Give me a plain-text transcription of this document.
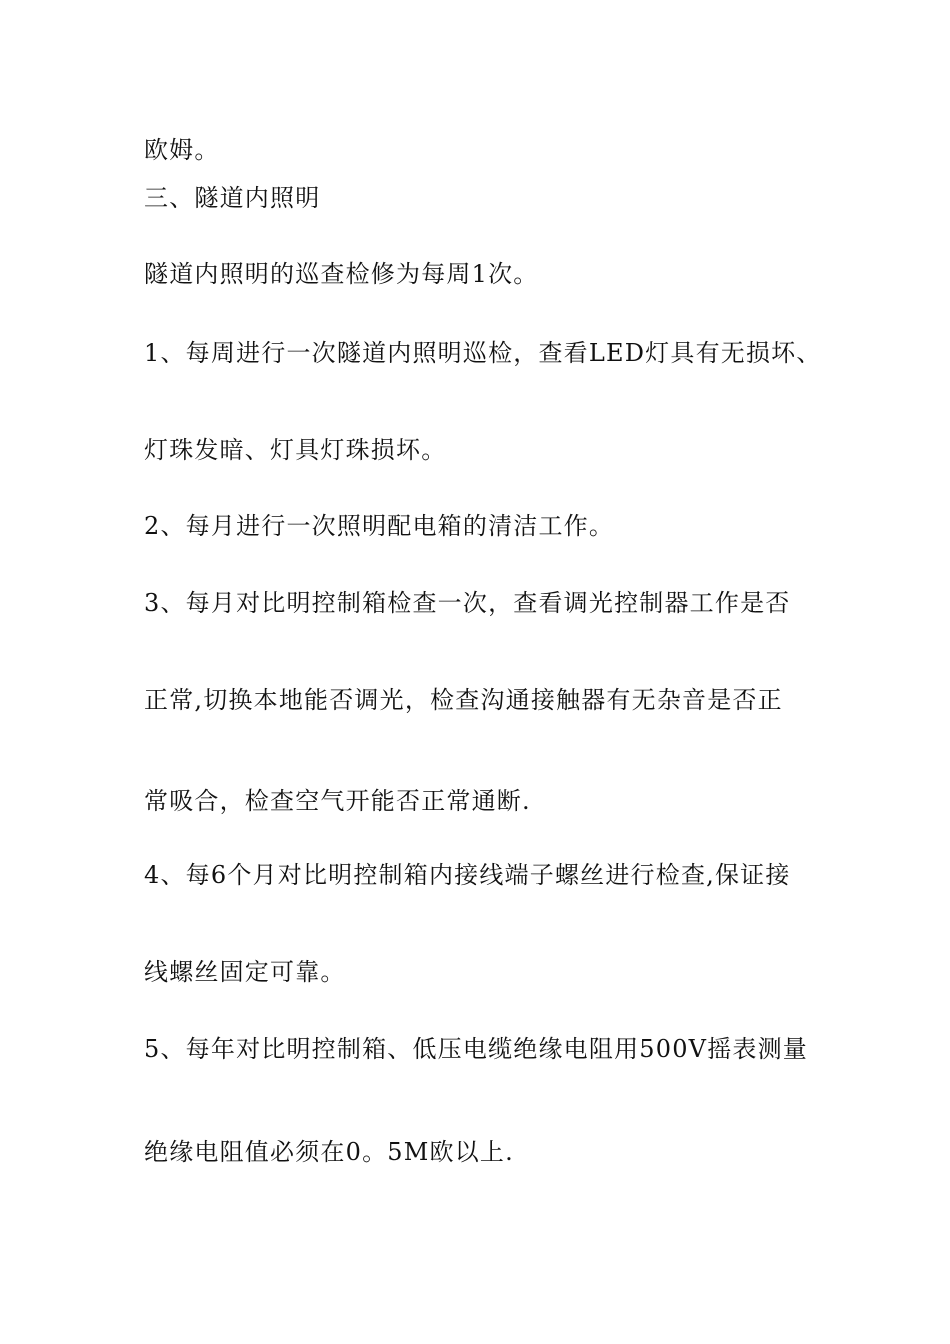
欧姆。
三、隧道内照明
隧道内照明的巡查检修为每周1次。
1、每周进行一次隧道内照明巡检，查看LED灯具有无损坏、
灯珠发暗、灯具灯珠损坏。
2、每月进行一次照明配电箱的清洁工作。
3、每月对比明控制箱检查一次，查看调光控制器工作是否
正常,切换本地能否调光，检查沟通接触器有无杂音是否正
常吸合，检查空气开能否正常通断.
4、每6个月对比明控制箱内接线端子螺丝进行检查,保证接
线螺丝固定可靠。
5、每年对比明控制箱、低压电缆绝缘电阻用500V摇表测量
绝缘电阻值必须在0。5M欧以上.
